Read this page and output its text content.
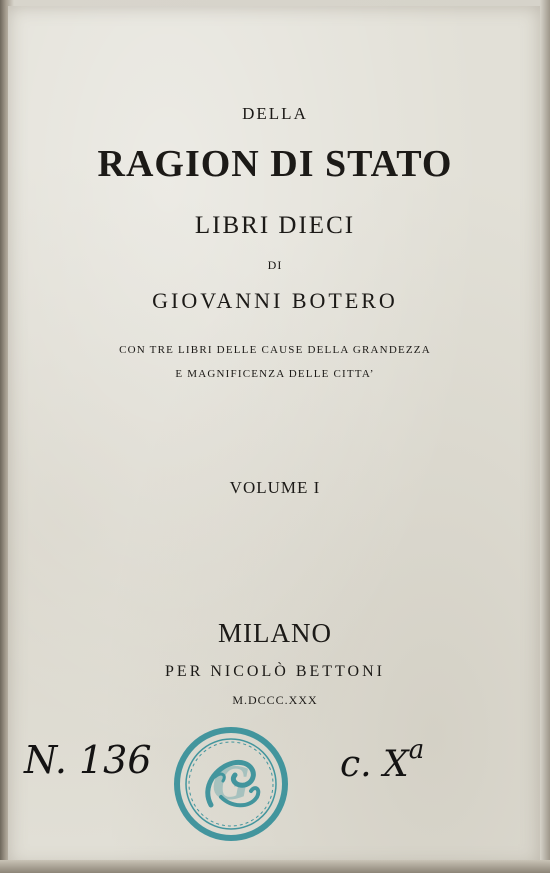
DELLA
RAGION DI STATO
LIBRI DIECI
DI
GIOVANNI BOTERO
CON TRE LIBRI DELLE CAUSE DELLA GRANDEZZA
E MAGNIFICENZA DELLE CITTA’
VOLUME I
MILANO
PER NICOLÒ BETTONI
M.DCCC.XXX
N. 136	c. $X^a$
G
